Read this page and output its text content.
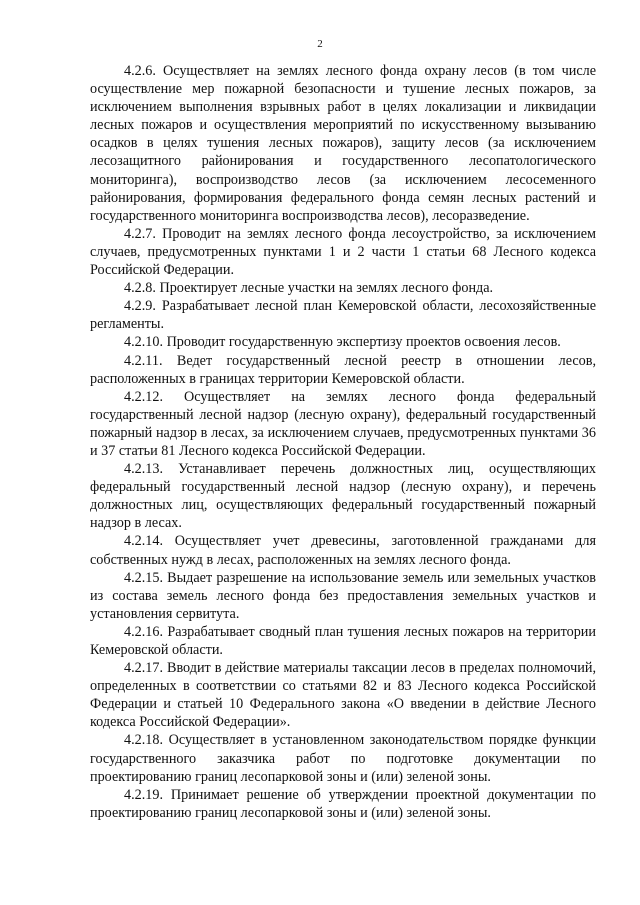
2

4.2.6. Осуществляет на землях лесного фонда охрану лесов (в том числе осуществление мер пожарной безопасности и тушение лесных пожаров, за исключением выполнения взрывных работ в целях локализации и ликвидации лесных пожаров и осуществления мероприятий по искусственному вызыванию осадков в целях тушения лесных пожаров), защиту лесов (за исключением лесозащитного районирования и государственного лесопатологического мониторинга), воспроизводство лесов (за исключением лесосеменного районирования, формирования федерального фонда семян лесных растений и государственного мониторинга воспроизводства лесов), лесоразведение.

4.2.7. Проводит на землях лесного фонда лесоустройство, за исключением случаев, предусмотренных пунктами 1 и 2 части 1 статьи 68 Лесного кодекса Российской Федерации.

4.2.8. Проектирует лесные участки на землях лесного фонда.

4.2.9. Разрабатывает лесной план Кемеровской области, лесохозяйственные регламенты.

4.2.10. Проводит государственную экспертизу проектов освоения лесов.

4.2.11. Ведет государственный лесной реестр в отношении лесов, расположенных в границах территории Кемеровской области.

4.2.12. Осуществляет на землях лесного фонда федеральный государственный лесной надзор (лесную охрану), федеральный государственный пожарный надзор в лесах, за исключением случаев, предусмотренных пунктами 36 и 37 статьи 81 Лесного кодекса Российской Федерации.

4.2.13. Устанавливает перечень должностных лиц, осуществляющих федеральный государственный лесной надзор (лесную охрану), и перечень должностных лиц, осуществляющих федеральный государственный пожарный надзор в лесах.

4.2.14. Осуществляет учет древесины, заготовленной гражданами для собственных нужд в лесах, расположенных на землях лесного фонда.

4.2.15. Выдает разрешение на использование земель или земельных участков из состава земель лесного фонда без предоставления земельных участков и установления сервитута.

4.2.16. Разрабатывает сводный план тушения лесных пожаров на территории Кемеровской области.

4.2.17. Вводит в действие материалы таксации лесов в пределах полномочий, определенных в соответствии со статьями 82 и 83 Лесного кодекса Российской Федерации и статьей 10 Федерального закона «О введении в действие Лесного кодекса Российской Федерации».

4.2.18. Осуществляет в установленном законодательством порядке функции государственного заказчика работ по подготовке документации по проектированию границ лесопарковой зоны и (или) зеленой зоны.

4.2.19. Принимает решение об утверждении проектной документации по проектированию границ лесопарковой зоны и (или) зеленой зоны.
